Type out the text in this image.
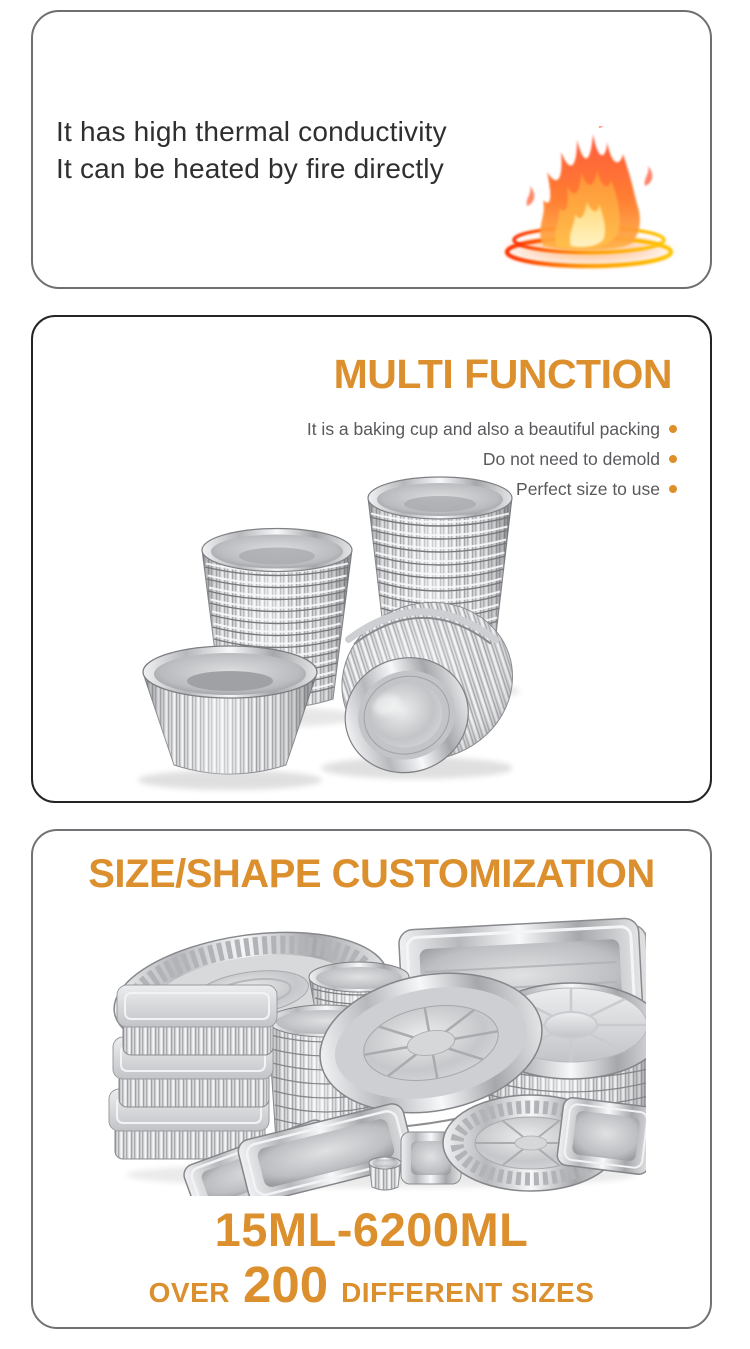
It has high thermal conductivity

It can be heated by fire directly

MULTI FUNCTION
It is a baking cup and also a beautiful packing
Do not need to demold
Perfect size to use
SIZE/SHAPE CUSTOMIZATION
15ML-6200ML
OVER 200 DIFFERENT SIZES
